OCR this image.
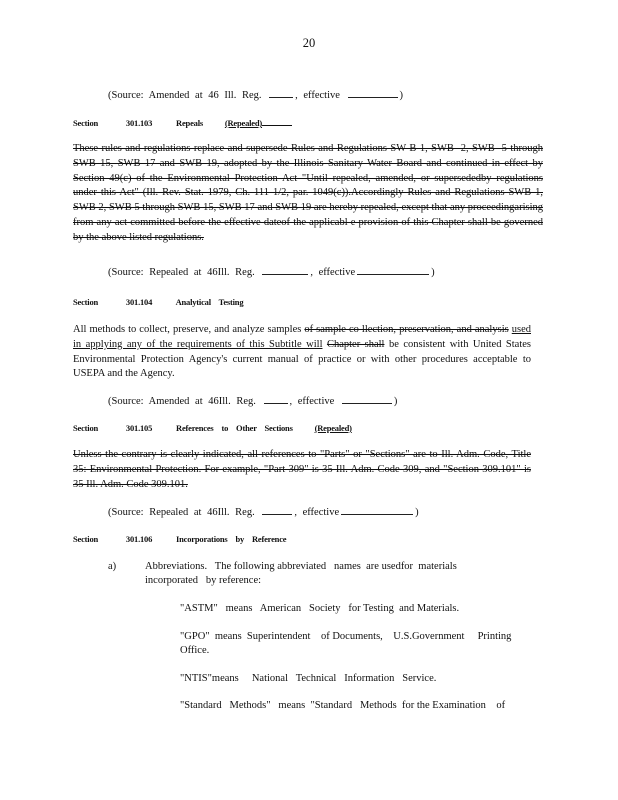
20
(Source: Amended at 46 Ill. Reg.	, effective	)
Section	301.103	Repeals	(Repealed)
These rules and regulations replace and supersede Rules and Regulations SW B-1, SWB -2, SWB -5 through SWB 15, SWB 17 and SWB 19, adopted by the Illinois Sanitary Water Board and continued in effect by Section 49(c) of the Environmental Protection Act "Until repealed, amended, or supersededby regulations under this Act" (Ill. Rev. Stat. 1979, Ch. 111 1/2, par. 1049(c)).Accordingly Rules and Regulations SWB 1, SWB 2, SWB 5 through SWB 15, SWB 17 and SWB 19 are hereby repealed, except that any proceedingarising from any act committed before the effective dateof the applicabl e provision of this Chapter shall be governed by the above listed regulations.
(Source: Repealed at 46Ill. Reg.	, effective	)
Section	301.104	Analytical Testing
All methods to collect, preserve, and analyze samples of sample co llection, preservation, and analysis used in applying any of the requirements of this Subtitle will Chapter shall be consistent with United States Environmental Protection Agency's current manual of practice or with other procedures acceptable to USEPA and the Agency.
(Source: Amended at 46Ill. Reg.	, effective	)
Section	301.105	References to Other Sections	(Repealed)
Unless the contrary is clearly indicated, all references to "Parts" or "Sections" are to Ill. Adm. Code, Title 35: Environmental Protection. For example, "Part 309" is 35 Ill. Adm. Code 309, and "Section 309.101" is 35 Ill. Adm. Code 309.101.
(Source: Repealed at 46Ill. Reg.	, effective	)
Section	301.106	Incorporations by Reference
a)	Abbreviations.   The following abbreviated   names  are usedfor  materials incorporated   by reference:
"ASTM"   means   American   Society   for Testing  and Materials.
"GPO"  means  Superintendent    of Documents,    U.S.Government     Printing Office.
"NTIS"means     National   Technical   Information   Service.
"Standard   Methods"   means  "Standard   Methods  for the Examination    of
